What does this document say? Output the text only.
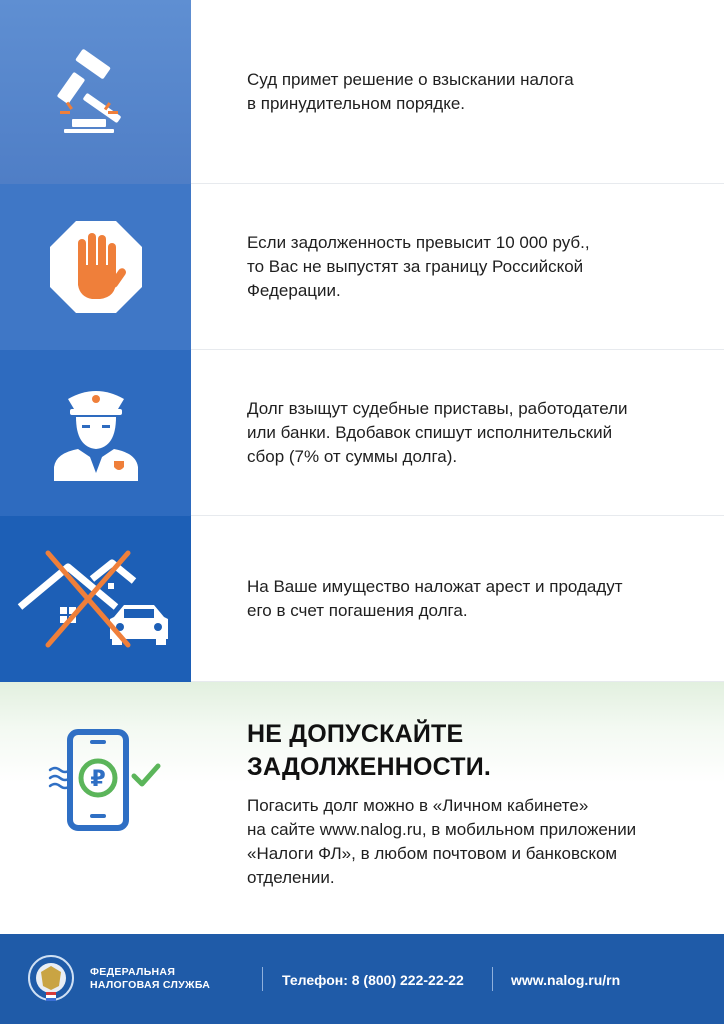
Суд примет решение о взыскании налога
в принудительном порядке.

Если задолженность превысит 10 000 руб.,
то Вас не выпустят за границу Российской
Федерации.

Долг взыщут судебные приставы, работодатели
или банки. Вдобавок спишут исполнительский
сбор (7% от суммы долга).

На Ваше имущество наложат арест и продадут
его в счет погашения долга.

₽
НЕ ДОПУСКАЙТЕ
ЗАДОЛЖЕННОСТИ.
Погасить долг можно в «Личном кабинете»
на сайте www.nalog.ru, в мобильном приложении
«Налоги ФЛ», в любом почтовом и банковском
отделении.
ФЕДЕРАЛЬНАЯ
НАЛОГОВАЯ СЛУЖБА	Телефон: 8 (800) 222-22-22	www.nalog.ru/rn
